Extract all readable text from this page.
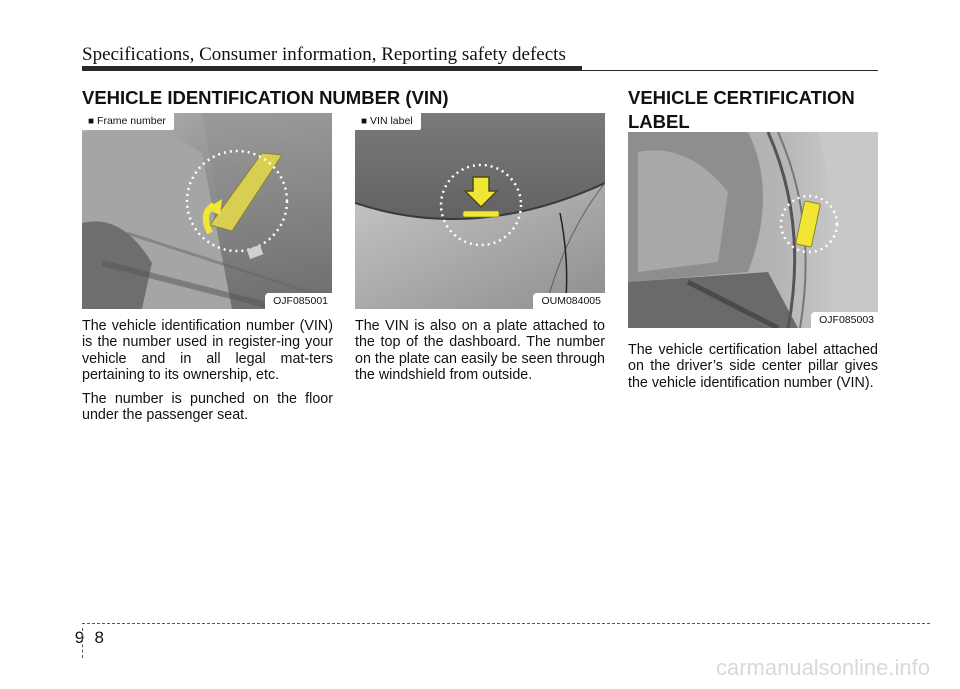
Specifications, Consumer information, Reporting safety defects
VEHICLE IDENTIFICATION NUMBER (VIN)
■ Frame number
OJF085001
■ VIN label
OUM084005
VEHICLE CERTIFICATION
LABEL
OJF085003

The vehicle identification number (VIN) is the number used in register-ing your vehicle and in all legal mat-ters pertaining to its ownership, etc.

The number is punched on the floor under the passenger seat.

The VIN is also on a plate attached to the top of the dashboard. The number on the plate can easily be seen through the windshield from outside.

The vehicle certification label attached on the driver’s side center pillar gives the vehicle identification number (VIN).

9 8
carmanualsonline.info
